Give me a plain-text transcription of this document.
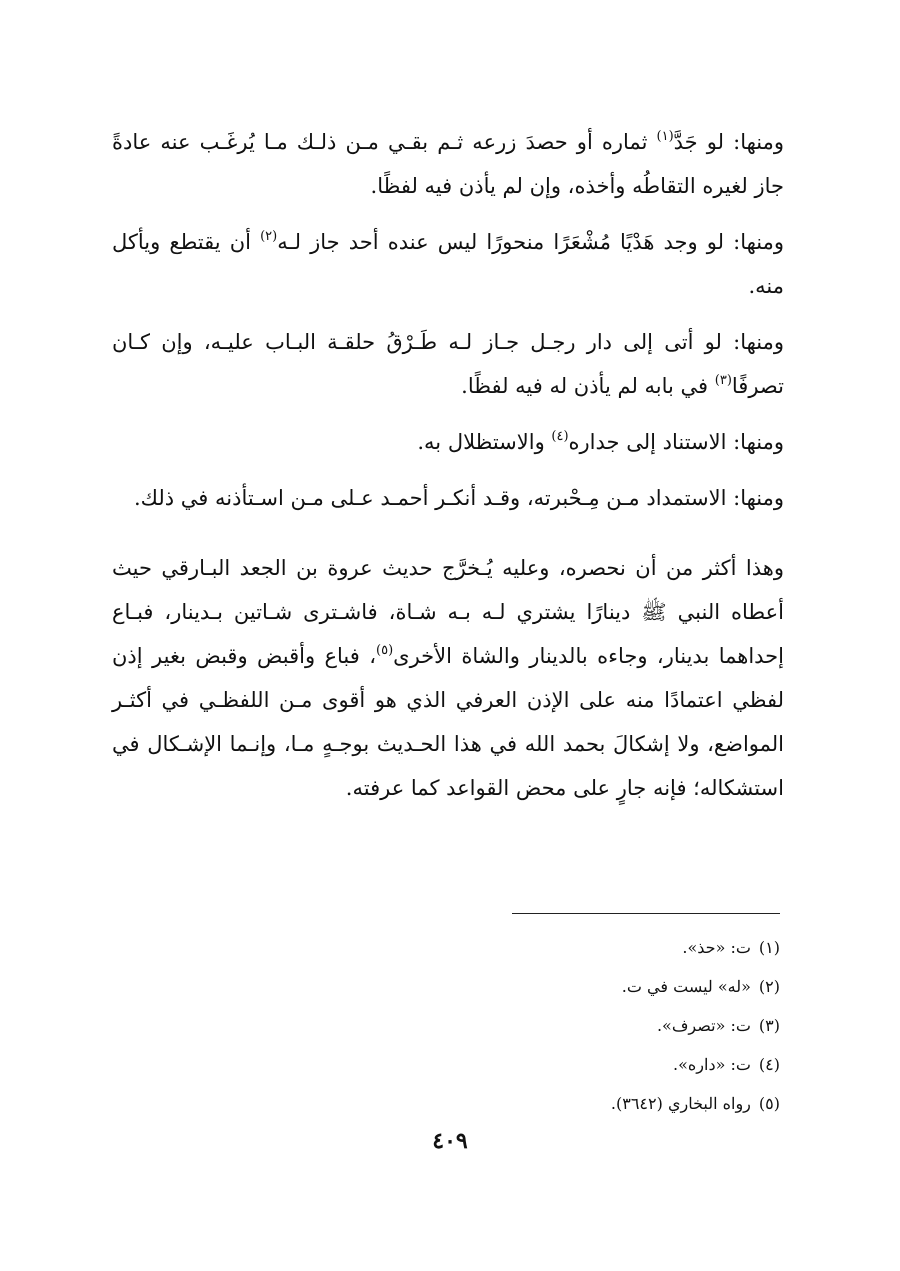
ومنها: لو جَدَّ$^{(١)}$ ثماره أو حصدَ زرعه ثـم بقـي مـن ذلـك مـا يُرغَـب عنه عادةً جاز لغيره التقاطُه وأخذه، وإن لم يأذن فيه لفظًا.

ومنها: لو وجد هَدْيًا مُشْعَرًا منحورًا ليس عنده أحد جاز لـه$^{(٢)}$ أن يقتطع ويأكل منه.

ومنها: لو أتى إلى دار رجـل جـاز لـه طَـرْقُ حلقـة البـاب عليـه، وإن كـان تصرفًا$^{(٣)}$ في بابه لم يأذن له فيه لفظًا.

ومنها: الاستناد إلى جداره$^{(٤)}$ والاستظلال به.

ومنها: الاستمداد مـن مِـحْبرته، وقـد أنكـر أحمـد عـلى مـن اسـتأذنه في ذلك.

وهذا أكثر من أن نحصره، وعليه يُـخرَّج حديث عروة بن الجعد البـارقي حيث أعطاه النبي ﷺ دينارًا يشتري لـه بـه شـاة، فاشـترى شـاتين بـدينار، فبـاع إحداهما بدينار، وجاءه بالدينار والشاة الأخرى$^{(٥)}$، فباع وأقبض وقبض بغير إذن لفظي اعتمادًا منه على الإذن العرفي الذي هو أقوى مـن اللفظـي في أكثـر المواضع، ولا إشكالَ بحمد الله في هذا الحـديث بوجـهٍ مـا، وإنـما الإشـكال في استشكاله؛ فإنه جارٍ على محض القواعد كما عرفته.

(١)ت: «حذ».
(٢)«له» ليست في ت.
(٣)ت: «تصرف».
(٤)ت: «داره».
(٥)رواه البخاري (٣٦٤٢).
٤٠٩
